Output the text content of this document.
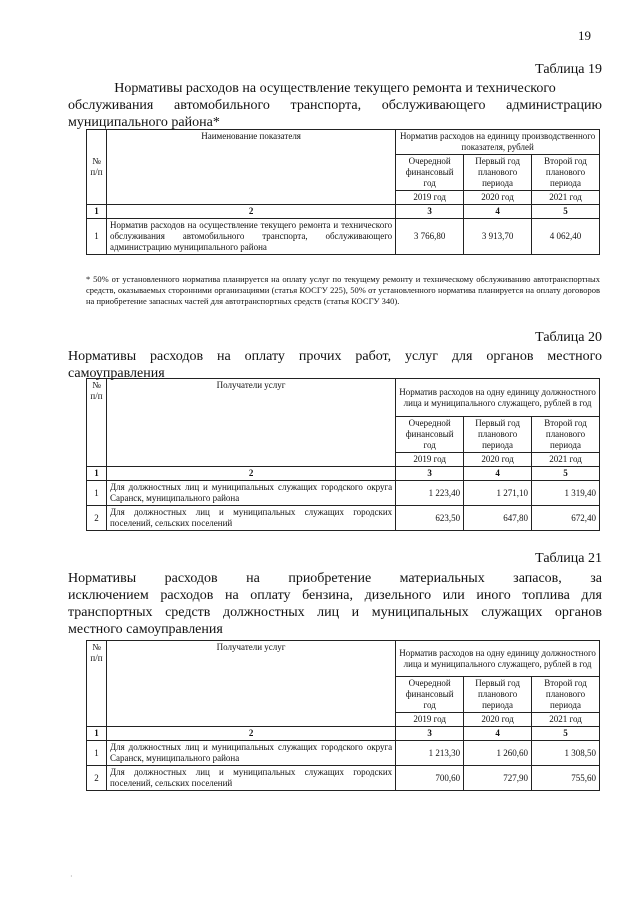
19
Таблица 19
Нормативы расходов на осуществление текущего ремонта и технического
обслуживания автомобильного транспорта, обслуживающего администрацию
муниципального района*
№ п/п	Наименование показателя	Норматив расходов на единицу производственного показателя, рублей		
		Очередной финансовый год	Первый год планового периода	Второй год планового периода
		2019 год	2020 год	2021 год
1	2	3	4	5
1	Норматив расходов на осуществление текущего ремонта и технического обслуживания автомобильного транспорта, обслуживающего администрацию муниципального района	3 766,80	3 913,70	4 062,40
* 50% от установленного норматива планируется на оплату услуг по текущему ремонту и техническому обслуживанию автотранспортных средств, оказываемых сторонними организациями (статья КОСГУ 225), 50% от установленного норматива планируется на оплату договоров на приобретение запасных частей для автотранспортных средств (статья КОСГУ 340).
Таблица 20
Нормативы расходов на оплату прочих работ, услуг для органов местного
самоуправления
№ п/п	Получатели услуг	Норматив расходов на одну единицу должностного лица и муниципального служащего, рублей в год		
		Очередной финансовый год	Первый год планового периода	Второй год планового периода
		2019 год	2020 год	2021 год
1	2	3	4	5
1	Для должностных лиц и муниципальных служащих городского округа Саранск, муниципального района	1 223,40	1 271,10	1 319,40
2	Для должностных лиц и муниципальных служащих городских поселений, сельских поселений	623,50	647,80	672,40
Таблица 21
Нормативы расходов на приобретение материальных запасов, за
исключением расходов на оплату бензина, дизельного или иного топлива для
транспортных средств должностных лиц и муниципальных служащих органов
местного самоуправления
№ п/п	Получатели услуг	Норматив расходов на одну единицу должностного лица и муниципального служащего, рублей в год		
		Очередной финансовый год	Первый год планового периода	Второй год планового периода
		2019 год	2020 год	2021 год
1	2	3	4	5
1	Для должностных лиц и муниципальных служащих городского округа Саранск, муниципального района	1 213,30	1 260,60	1 308,50
2	Для должностных лиц и муниципальных служащих городских поселений, сельских поселений	700,60	727,90	755,60
·
